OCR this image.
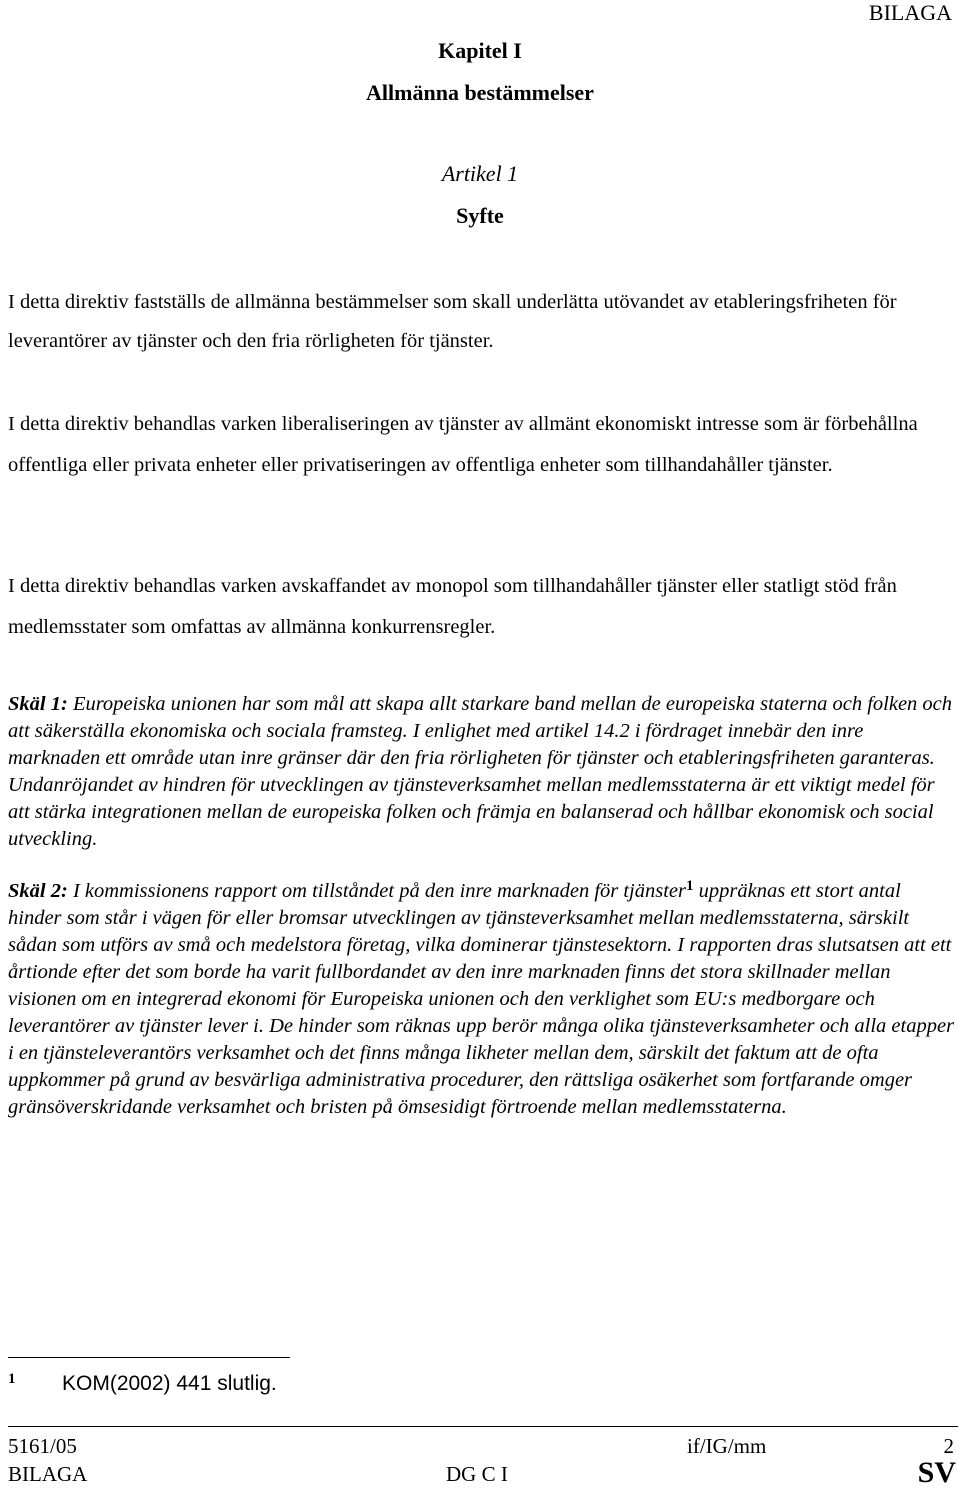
BILAGA
Kapitel I
Allmänna bestämmelser
Artikel 1
Syfte
I detta direktiv fastställs de allmänna bestämmelser som skall underlätta utövandet av etableringsfriheten för leverantörer av tjänster och den fria rörligheten för tjänster.
I detta direktiv behandlas varken liberaliseringen av tjänster av allmänt ekonomiskt intresse som är förbehållna offentliga eller privata enheter eller privatiseringen av offentliga enheter som tillhandahåller tjänster.
I detta direktiv behandlas varken avskaffandet av monopol som tillhandahåller tjänster eller statligt stöd från medlemsstater som omfattas av allmänna konkurrensregler.
Skäl 1: Europeiska unionen har som mål att skapa allt starkare band mellan de europeiska staterna och folken och att säkerställa ekonomiska och sociala framsteg. I enlighet med artikel 14.2 i fördraget innebär den inre marknaden ett område utan inre gränser där den fria rörligheten för tjänster och etableringsfriheten garanteras. Undanröjandet av hindren för utvecklingen av tjänsteverksamhet mellan medlemsstaterna är ett viktigt medel för att stärka integrationen mellan de europeiska folken och främja en balanserad och hållbar ekonomisk och social utveckling.
Skäl 2: I kommissionens rapport om tillståndet på den inre marknaden för tjänster$^1$ uppräknas ett stort antal hinder som står i vägen för eller bromsar utvecklingen av tjänsteverksamhet mellan medlemsstaterna, särskilt sådan som utförs av små och medelstora företag, vilka dominerar tjänstesektorn. I rapporten dras slutsatsen att ett årtionde efter det som borde ha varit fullbordandet av den inre marknaden finns det stora skillnader mellan visionen om en integrerad ekonomi för Europeiska unionen och den verklighet som EU:s medborgare och leverantörer av tjänster lever i. De hinder som räknas upp berör många olika tjänsteverksamheter och alla etapper i en tjänsteleverantörs verksamhet och det finns många likheter mellan dem, särskilt det faktum att de ofta uppkommer på grund av besvärliga administrativa procedurer, den rättsliga osäkerhet som fortfarande omger gränsöverskridande verksamhet och bristen på ömsesidigt förtroende mellan medlemsstaterna.
1 KOM(2002) 441 slutlig.
5161/05	if/IG/mm	2
BILAGA	DG C I	SV
